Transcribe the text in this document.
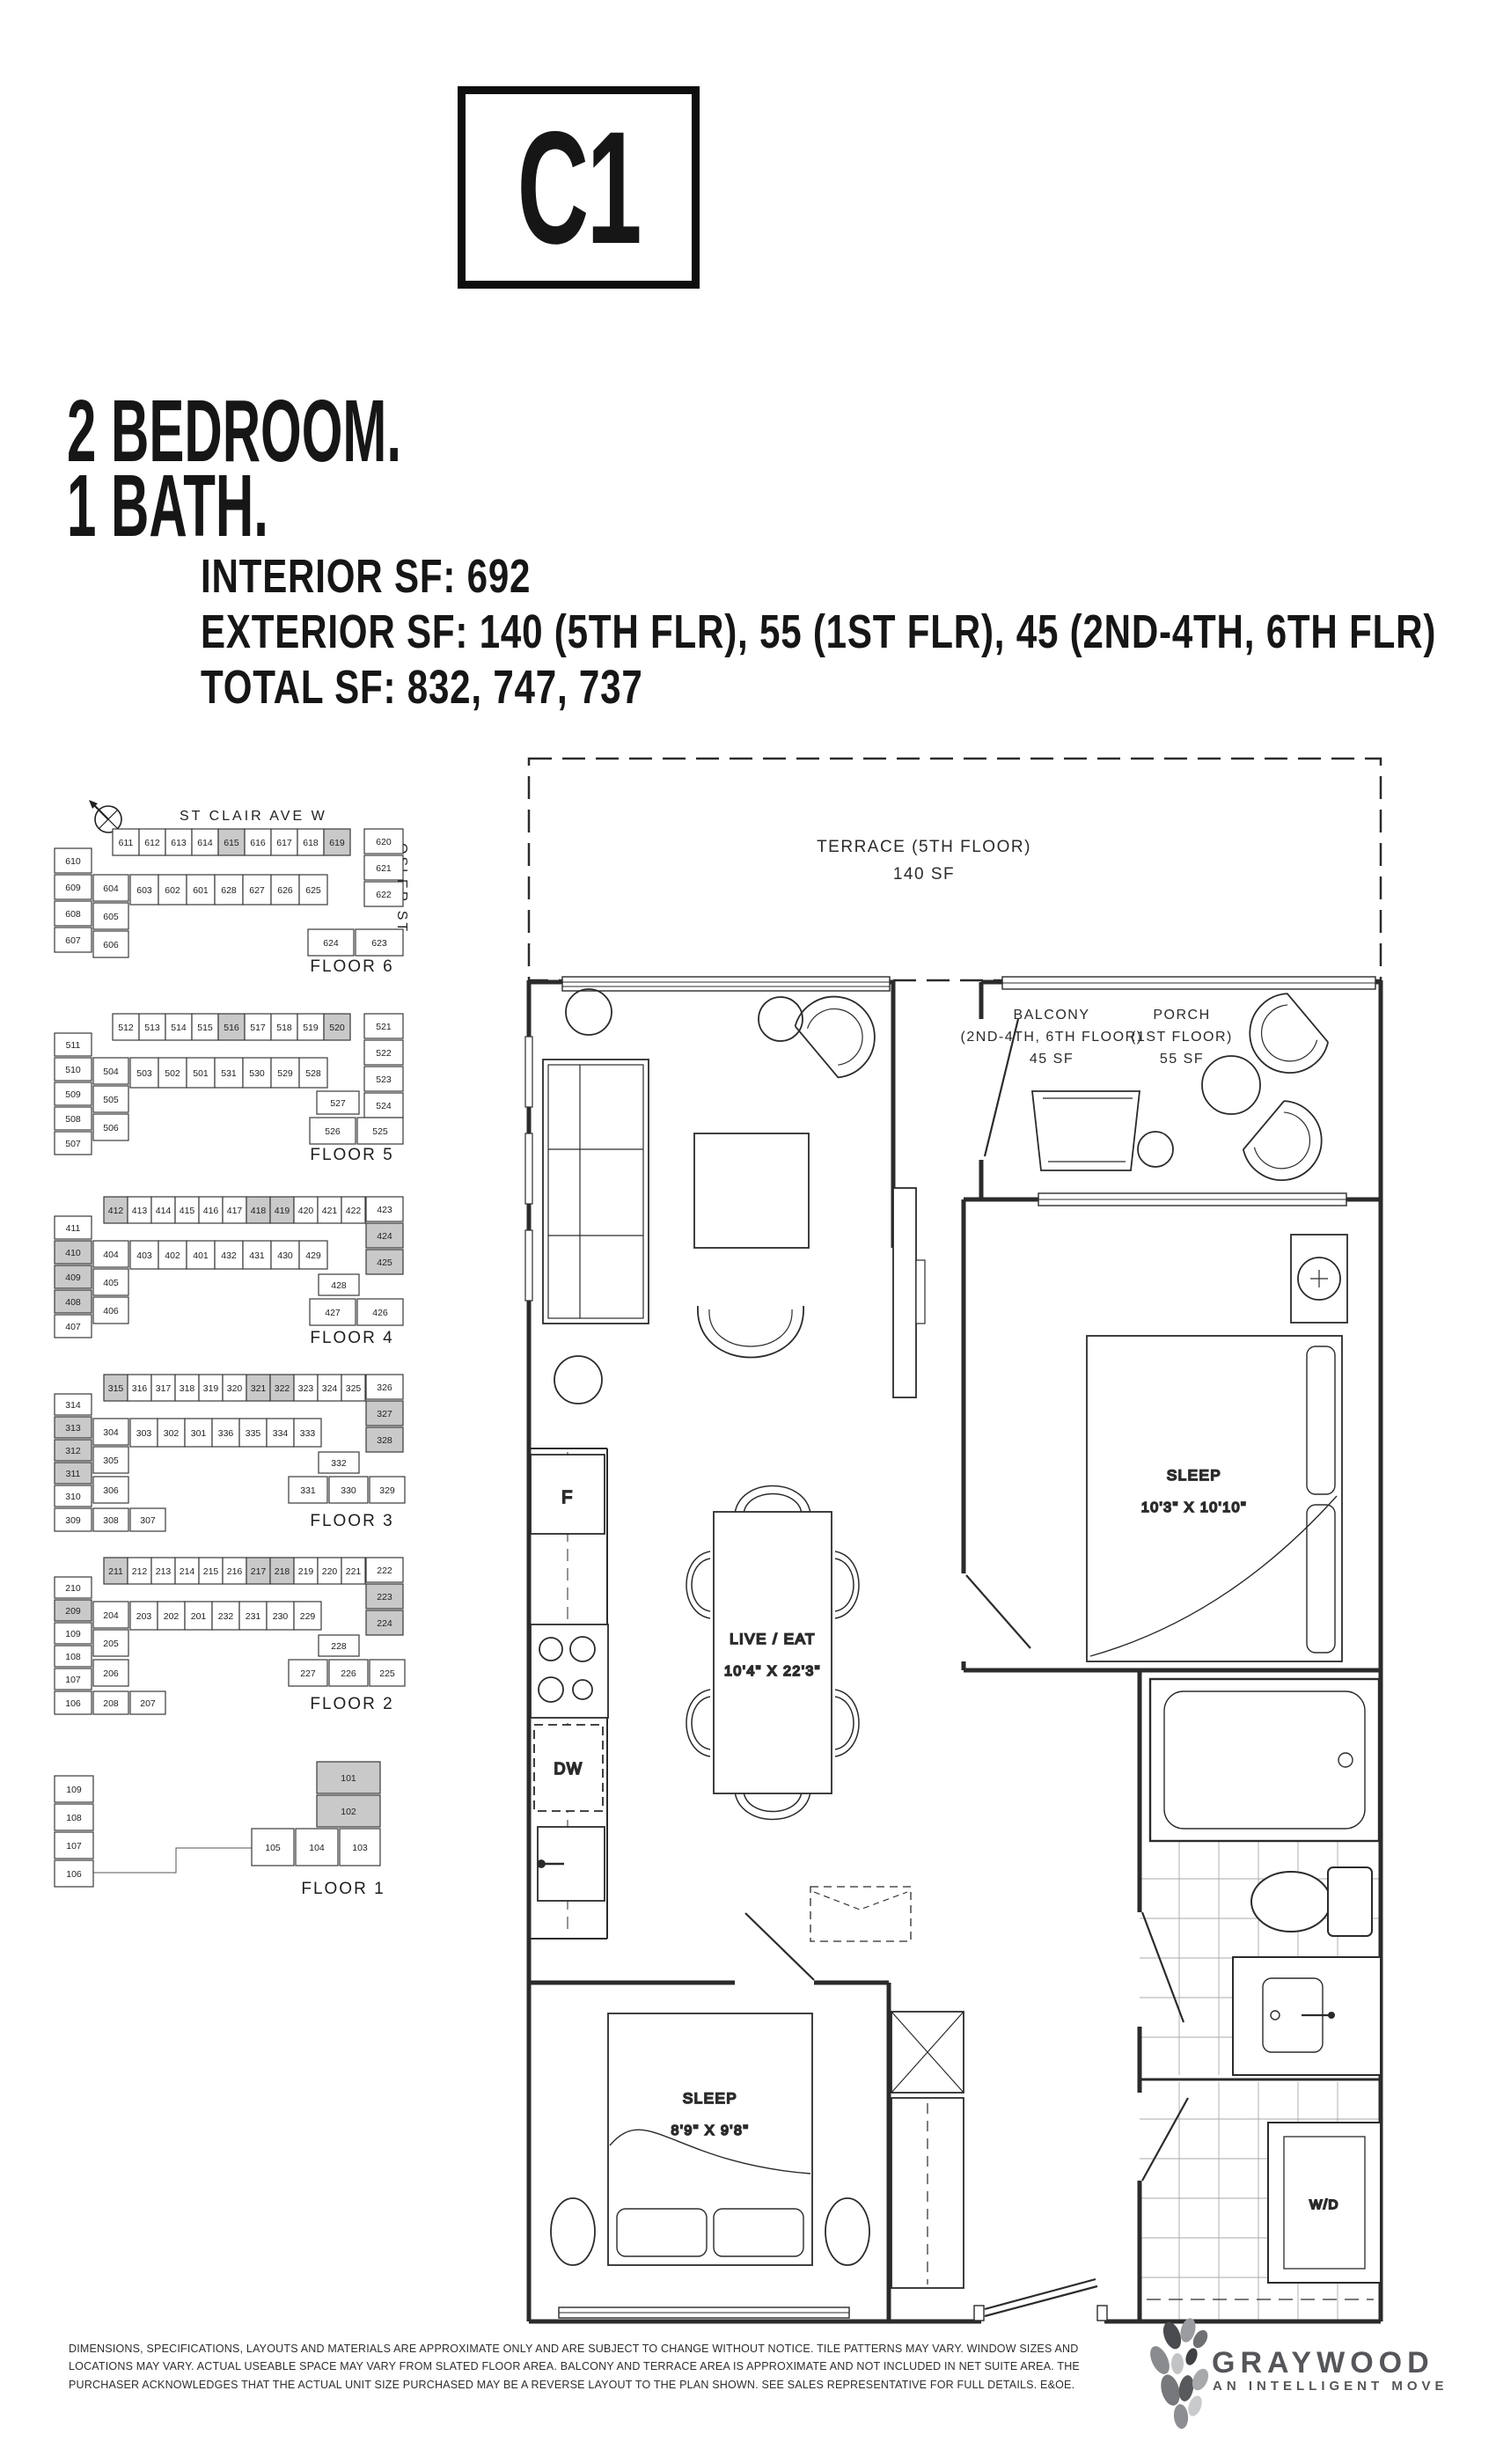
C1
2 BEDROOM.
1 BATH.
INTERIOR SF: 692
EXTERIOR SF: 140 (5TH FLR), 55 (1ST FLR), 45 (2ND-4TH, 6TH FLR)
TOTAL SF: 832, 747, 737
ST CLAIR AVE W
ST
611 612 613 614 615 616 617 618 619	620
621
622
610
609
608
607
604
605
606
603 602 601 628 627 626 625
624	623
FLOOR 6
512 513 514 515 516 517 518 519 520	521
522
523
524
511
510
509
508
507
504
505
506
503 502 501 531 530 529 528
527
526	525
FLOOR 5
411
412 413 414 415 416 417 418 419 420 421 422 423
424
425
410
409
408
407
404
405
406
403 402 401 432 431 430 429
428
427	426
FLOOR 4
314
315 316 317 318 319 320 321 322 323 324 325 326
327
328
313
312
311
310
309 308 307
304
305
306
303 302 301 336 335 334 333
332
331	330	329
FLOOR 3
210
211 212 213 214 215 216 217 218 219 220 221 222
223
224
209
109
108
107
106 208 207
204
205
206
203 202 201 232 231 230 229
228
227	226	225
FLOOR 2
109
108
107
106
101
102
105	104	103
FLOOR 1
TERRACE (5TH FLOOR)
140 SF
BALCONY
(2ND-4TH, 6TH FLOOR)
45 SF
PORCH
(1ST FLOOR)
55 SF
F
DW
LIVE / EAT
10'4" X 22'3"
SLEEP
10'3" X 10'10"
W/D
SLEEP
8'9" X 9'8"
DIMENSIONS, SPECIFICATIONS, LAYOUTS AND MATERIALS ARE APPROXIMATE ONLY AND ARE SUBJECT TO CHANGE WITHOUT NOTICE. TILE PATTERNS MAY VARY. WINDOW SIZES AND
LOCATIONS MAY VARY. ACTUAL USEABLE SPACE MAY VARY FROM SLATED FLOOR AREA. BALCONY AND TERRACE AREA IS APPROXIMATE AND NOT INCLUDED IN NET SUITE AREA. THE
PURCHASER ACKNOWLEDGES THAT THE ACTUAL UNIT SIZE PURCHASED MAY BE A REVERSE LAYOUT TO THE PLAN SHOWN. SEE SALES REPRESENTATIVE FOR FULL DETAILS. E&OE.
GRAYWOOD
AN INTELLIGENT MOVE
